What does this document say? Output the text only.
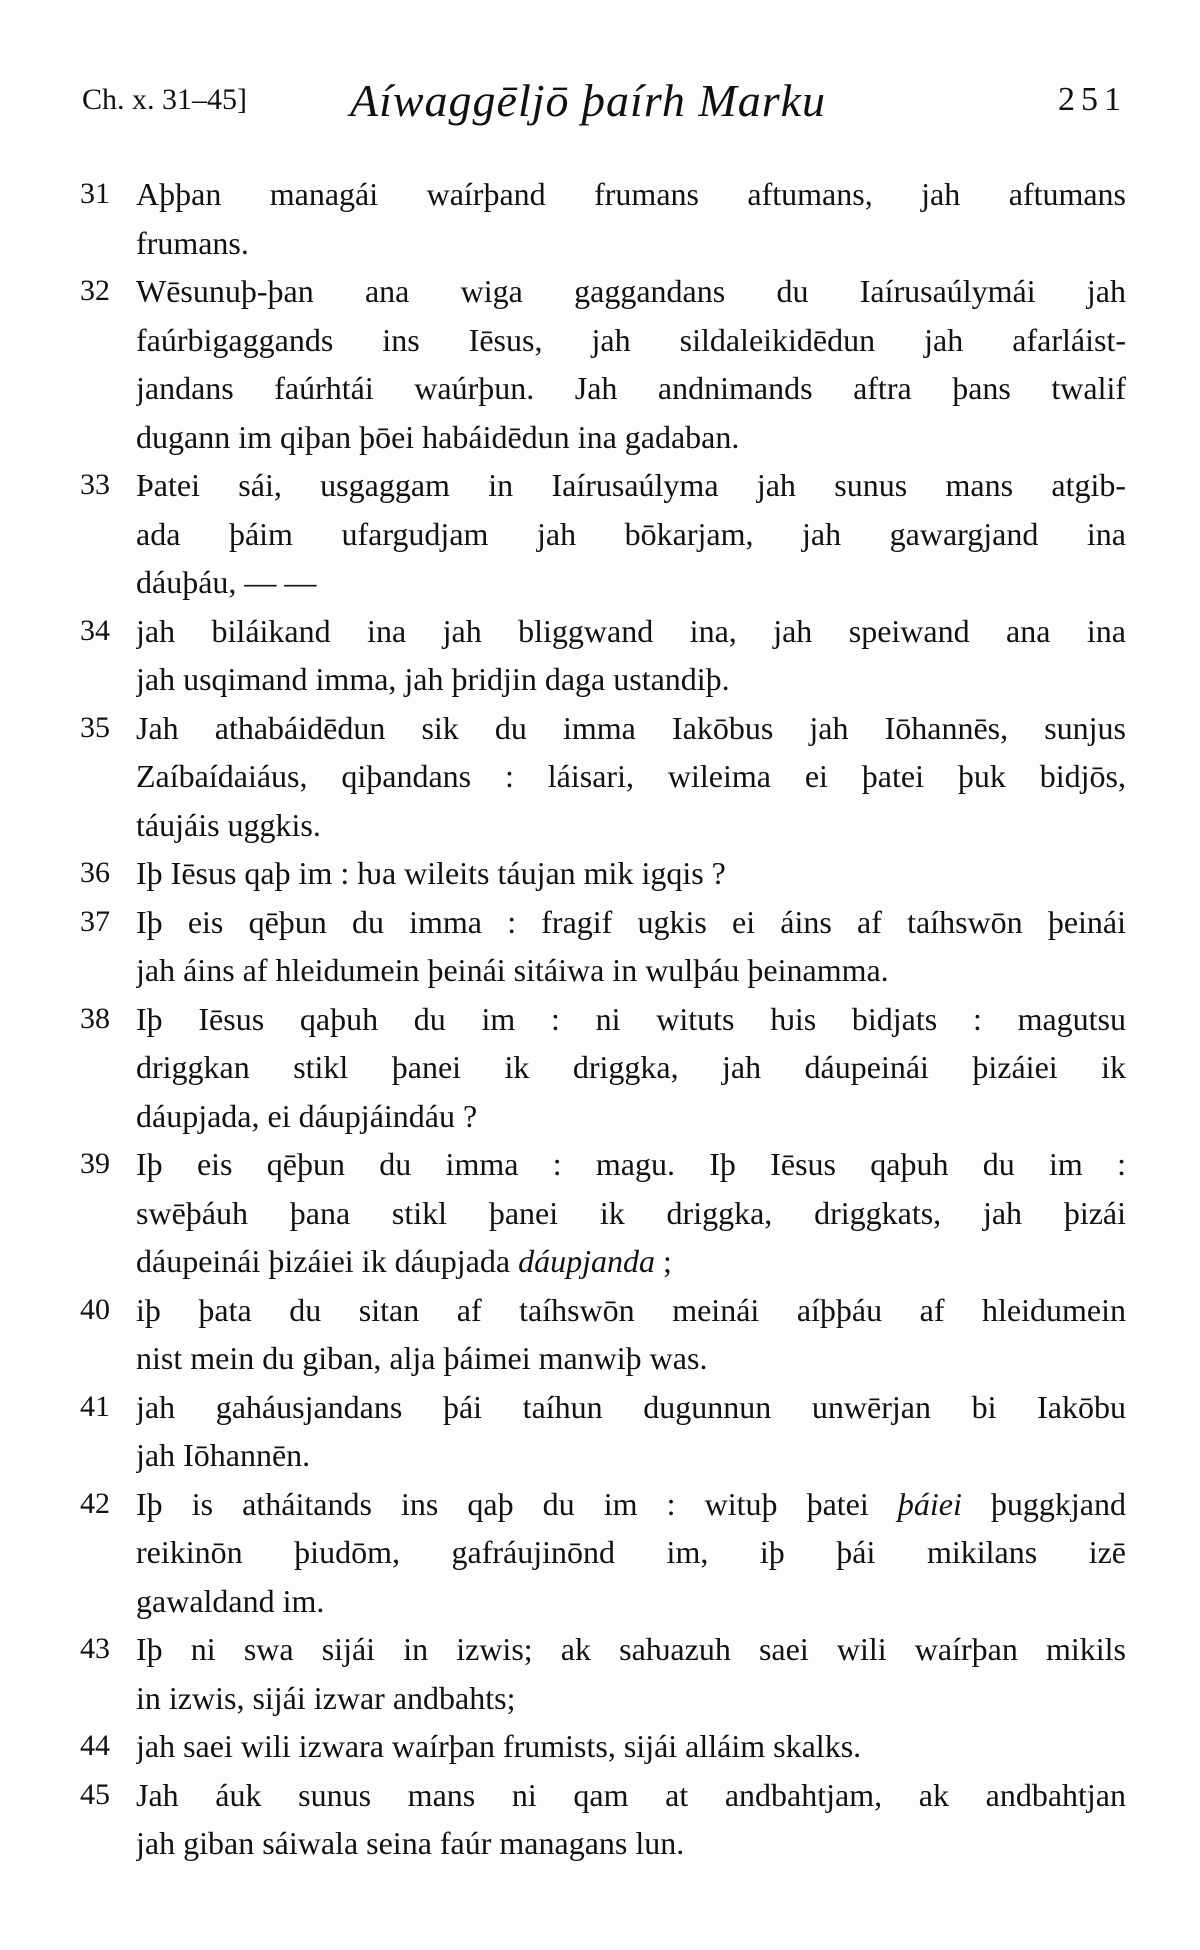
Ch. x. 31–45]	Aíwaggēljō þaírh Marku	251
31 Aþþan managái waírþand frumans aftumans, jah aftumans
frumans.
32 Wēsunuþ-þan ana wiga gaggandans du Iaírusaúlymái jah
faúrbigaggands ins Iēsus, jah sildaleikidēdun jah afarláist-
jandans faúrhtái waúrþun. Jah andnimands aftra þans twalif
dugann im qiþan þōei habáidēdun ina gadaban.
33 Þatei sái, usgaggam in Iaírusaúlyma jah sunus mans atgib-
ada þáim ufargudjam jah bōkarjam, jah gawargjand ina
dáuþáu, — —
34 jah biláikand ina jah bliggwand ina, jah speiwand ana ina
jah usqimand imma, jah þridjin daga ustandiþ.
35 Jah athabáidēdun sik du imma Iakōbus jah Iōhannēs, sunjus
Zaíbaídaiáus, qiþandans : láisari, wileima ei þatei þuk bidjōs,
táujáis uggkis.
36 Iþ Iēsus qaþ im : ƕa wileits táujan mik igqis ?
37 Iþ eis qēþun du imma : fragif ugkis ei áins af taíhswōn þeinái
jah áins af hleidumein þeinái sitáiwa in wulþáu þeinamma.
38 Iþ Iēsus qaþuh du im : ni wituts ƕis bidjats : magutsu
driggkan stikl þanei ik driggka, jah dáupeinái þizáiei ik
dáupjada, ei dáupjáindáu ?
39 Iþ eis qēþun du imma : magu. Iþ Iēsus qaþuh du im :
swēþáuh þana stikl þanei ik driggka, driggkats, jah þizái
dáupeinái þizáiei ik dáupjada dáupjanda ;
40 iþ þata du sitan af taíhswōn meinái aíþþáu af hleidumein
nist mein du giban, alja þáimei manwiþ was.
41 jah gaháusjandans þái taíhun dugunnun unwērjan bi Iakōbu
jah Iōhannēn.
42 Iþ is atháitands ins qaþ du im : wituþ þatei þáiei þuggkjand
reikinōn þiudōm, gafráujinōnd im, iþ þái mikilans izē
gawaldand im.
43 Iþ ni swa sijái in izwis; ak saƕazuh saei wili waírþan mikils
in izwis, sijái izwar andbahts;
44 jah saei wili izwara waírþan frumists, sijái alláim skalks.
45 Jah áuk sunus mans ni qam at andbahtjam, ak andbahtjan
jah giban sáiwala seina faúr managans lun.
